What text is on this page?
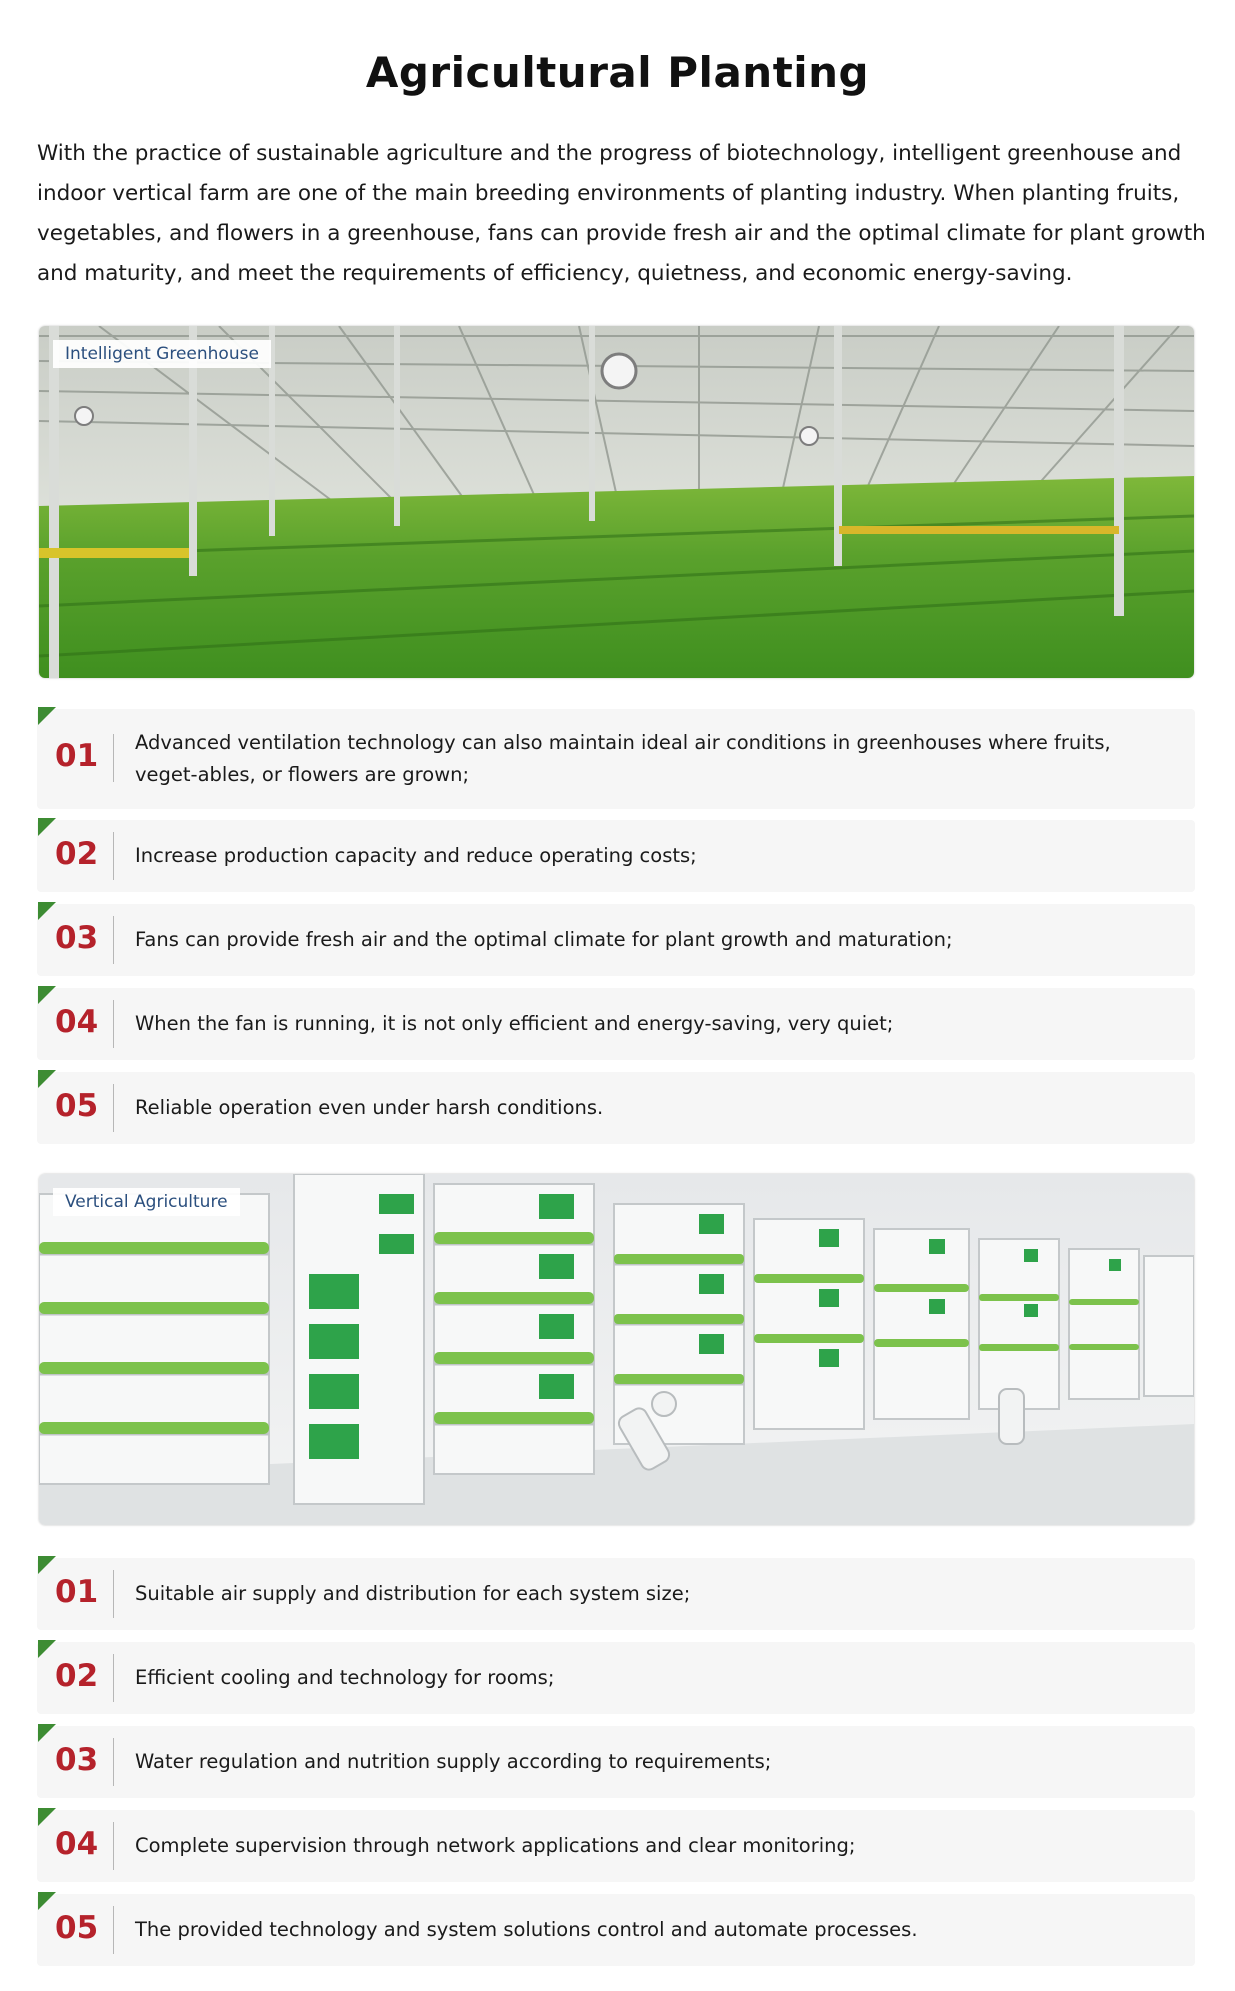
Agricultural Planting

With the practice of sustainable agriculture and the progress of biotechnology, intelligent greenhouse and indoor vertical farm are one of the main breeding environments of planting industry. When planting fruits, vegetables, and flowers in a greenhouse, fans can provide fresh air and the optimal climate for plant growth and maturity, and meet the requirements of efficiency, quietness, and economic energy-saving.

Intelligent Greenhouse
01	Advanced ventilation technology can also maintain ideal air conditions in greenhouses where fruits, veget-ables, or flowers are grown;
02	Increase production capacity and reduce operating costs;
03	Fans can provide fresh air and the optimal climate for plant growth and maturation;
04	When the fan is running, it is not only efficient and energy-saving, very quiet;
05	Reliable operation even under harsh conditions.
Vertical Agriculture
01	Suitable air supply and distribution for each system size;
02	Efficient cooling and technology for rooms;
03	Water regulation and nutrition supply according to requirements;
04	Complete supervision through network applications and clear monitoring;
05	The provided technology and system solutions control and automate processes.
